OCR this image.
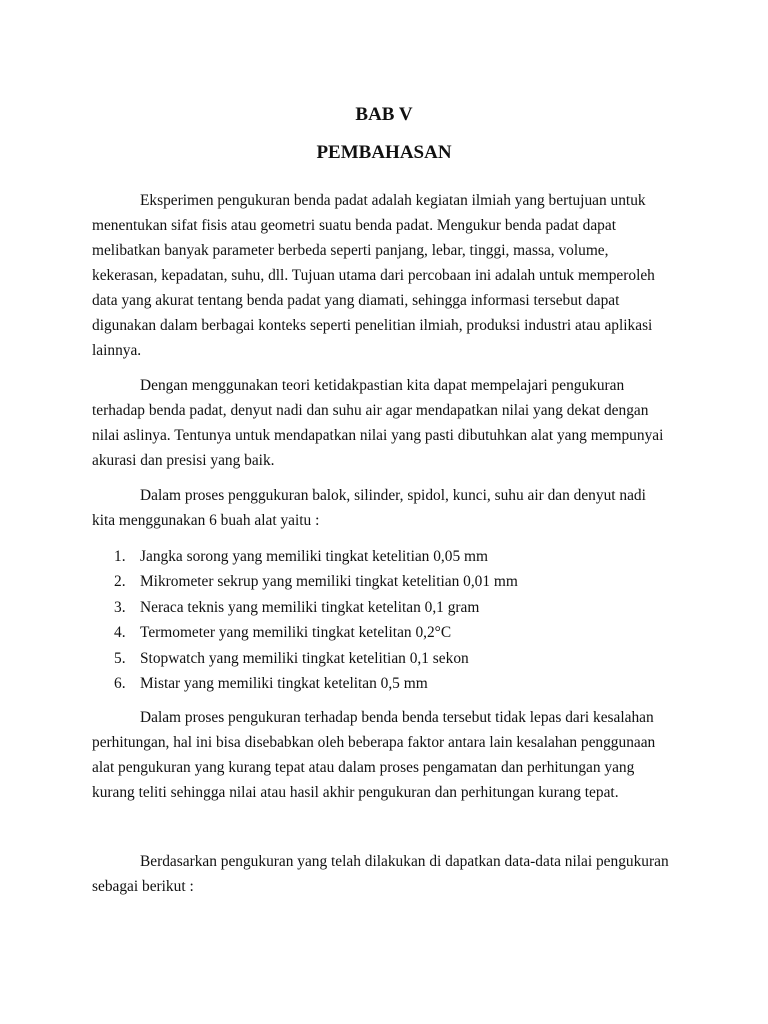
BAB V
PEMBAHASAN

Eksperimen pengukuran benda padat adalah kegiatan ilmiah yang bertujuan untuk
menentukan sifat fisis atau geometri suatu benda padat. Mengukur benda padat dapat
melibatkan banyak parameter berbeda seperti panjang, lebar, tinggi, massa, volume,
kekerasan, kepadatan, suhu, dll. Tujuan utama dari percobaan ini adalah untuk memperoleh
data yang akurat tentang benda padat yang diamati, sehingga informasi tersebut dapat
digunakan dalam berbagai konteks seperti penelitian ilmiah, produksi industri atau aplikasi
lainnya.

Dengan menggunakan teori ketidakpastian kita dapat mempelajari pengukuran
terhadap benda padat, denyut nadi dan suhu air agar mendapatkan nilai yang dekat dengan
nilai aslinya. Tentunya untuk mendapatkan nilai yang pasti dibutuhkan alat yang mempunyai
akurasi dan presisi yang baik.

Dalam proses penggukuran balok, silinder, spidol, kunci, suhu air dan denyut nadi
kita menggunakan 6 buah alat yaitu :

1. Jangka sorong yang memiliki tingkat ketelitian 0,05 mm
2. Mikrometer sekrup yang memiliki tingkat ketelitian 0,01 mm
3. Neraca teknis yang memiliki tingkat ketelitan 0,1 gram
4. Termometer yang memiliki tingkat ketelitan 0,2°C
5. Stopwatch yang memiliki tingkat ketelitian 0,1 sekon
6. Mistar yang memiliki tingkat ketelitan 0,5 mm

Dalam proses pengukuran terhadap benda benda tersebut tidak lepas dari kesalahan
perhitungan, hal ini bisa disebabkan oleh beberapa faktor antara lain kesalahan penggunaan
alat pengukuran yang kurang tepat atau dalam proses pengamatan dan perhitungan yang
kurang teliti sehingga nilai atau hasil akhir pengukuran dan perhitungan kurang tepat.

Berdasarkan pengukuran yang telah dilakukan di dapatkan data-data nilai pengukuran
sebagai berikut :
